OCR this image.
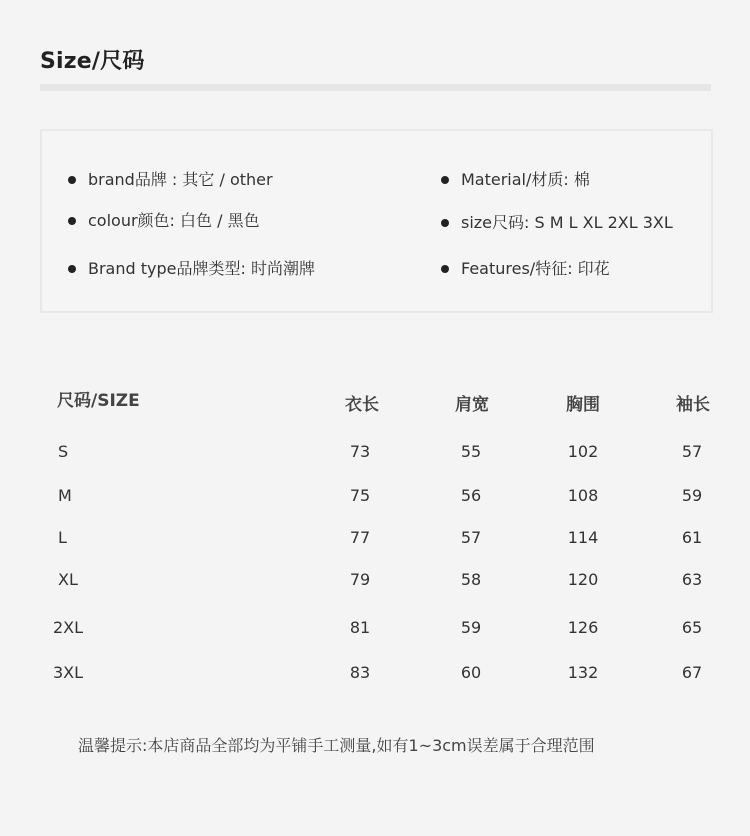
Size/尺码
brand品牌 : 其它 / other
colour颜色: 白色 / 黑色
Brand type品牌类型: 时尚潮牌
Material/材质: 棉
size尺码: S M L XL 2XL 3XL
Features/特征: 印花
尺码/SIZE	衣长	肩宽	胸围	袖长
S	73	55	102	57
M	75	56	108	59
L	77	57	114	61
XL	79	58	120	63
2XL	81	59	126	65
3XL	83	60	132	67
温馨提示:本店商品全部均为平铺手工测量,如有1~3cm误差属于合理范围
